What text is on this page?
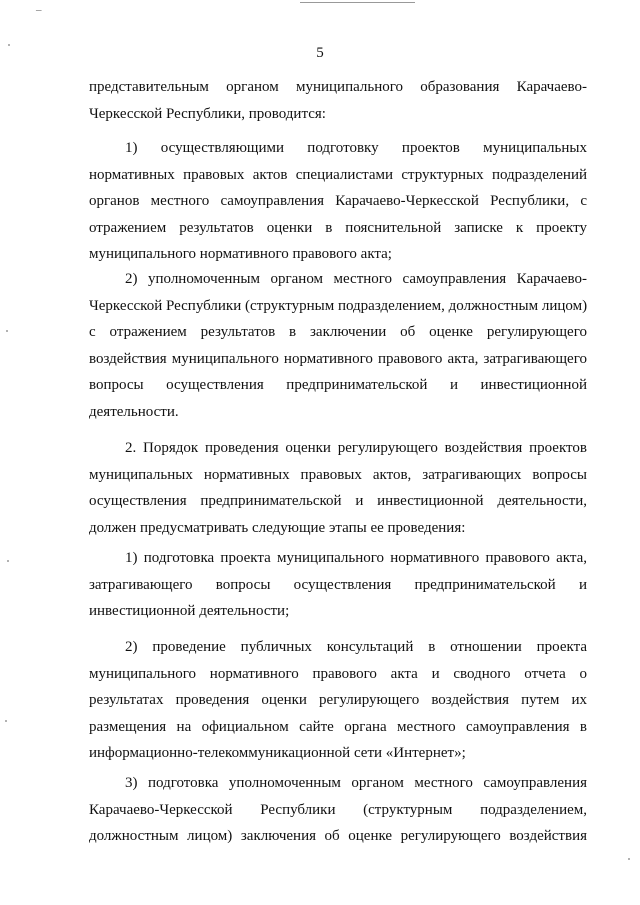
–
5
представительным органом муниципального образования Карачаево-
Черкесской Республики, проводится:
1) осуществляющими подготовку проектов муниципальных
нормативных правовых актов специалистами структурных подразделений
органов местного самоуправления Карачаево-Черкесской Республики, с
отражением результатов оценки в пояснительной записке к проекту
муниципального нормативного правового акта;
2) уполномоченным органом местного самоуправления Карачаево-
Черкесской Республики (структурным подразделением, должностным лицом)
с отражением результатов в заключении об оценке регулирующего
воздействия муниципального нормативного правового акта, затрагивающего
вопросы осуществления предпринимательской и инвестиционной
деятельности.
2. Порядок проведения оценки регулирующего воздействия проектов
муниципальных нормативных правовых актов, затрагивающих вопросы
осуществления предпринимательской и инвестиционной деятельности,
должен предусматривать следующие этапы ее проведения:
1) подготовка проекта муниципального нормативного правового акта,
затрагивающего вопросы осуществления предпринимательской и
инвестиционной деятельности;
2) проведение публичных консультаций в отношении проекта
муниципального нормативного правового акта и сводного отчета о
результатах проведения оценки регулирующего воздействия путем их
размещения на официальном сайте органа местного самоуправления в
информационно-телекоммуникационной сети «Интернет»;
3) подготовка уполномоченным органом местного самоуправления
Карачаево-Черкесской Республики (структурным подразделением,
должностным лицом) заключения об оценке регулирующего воздействия
